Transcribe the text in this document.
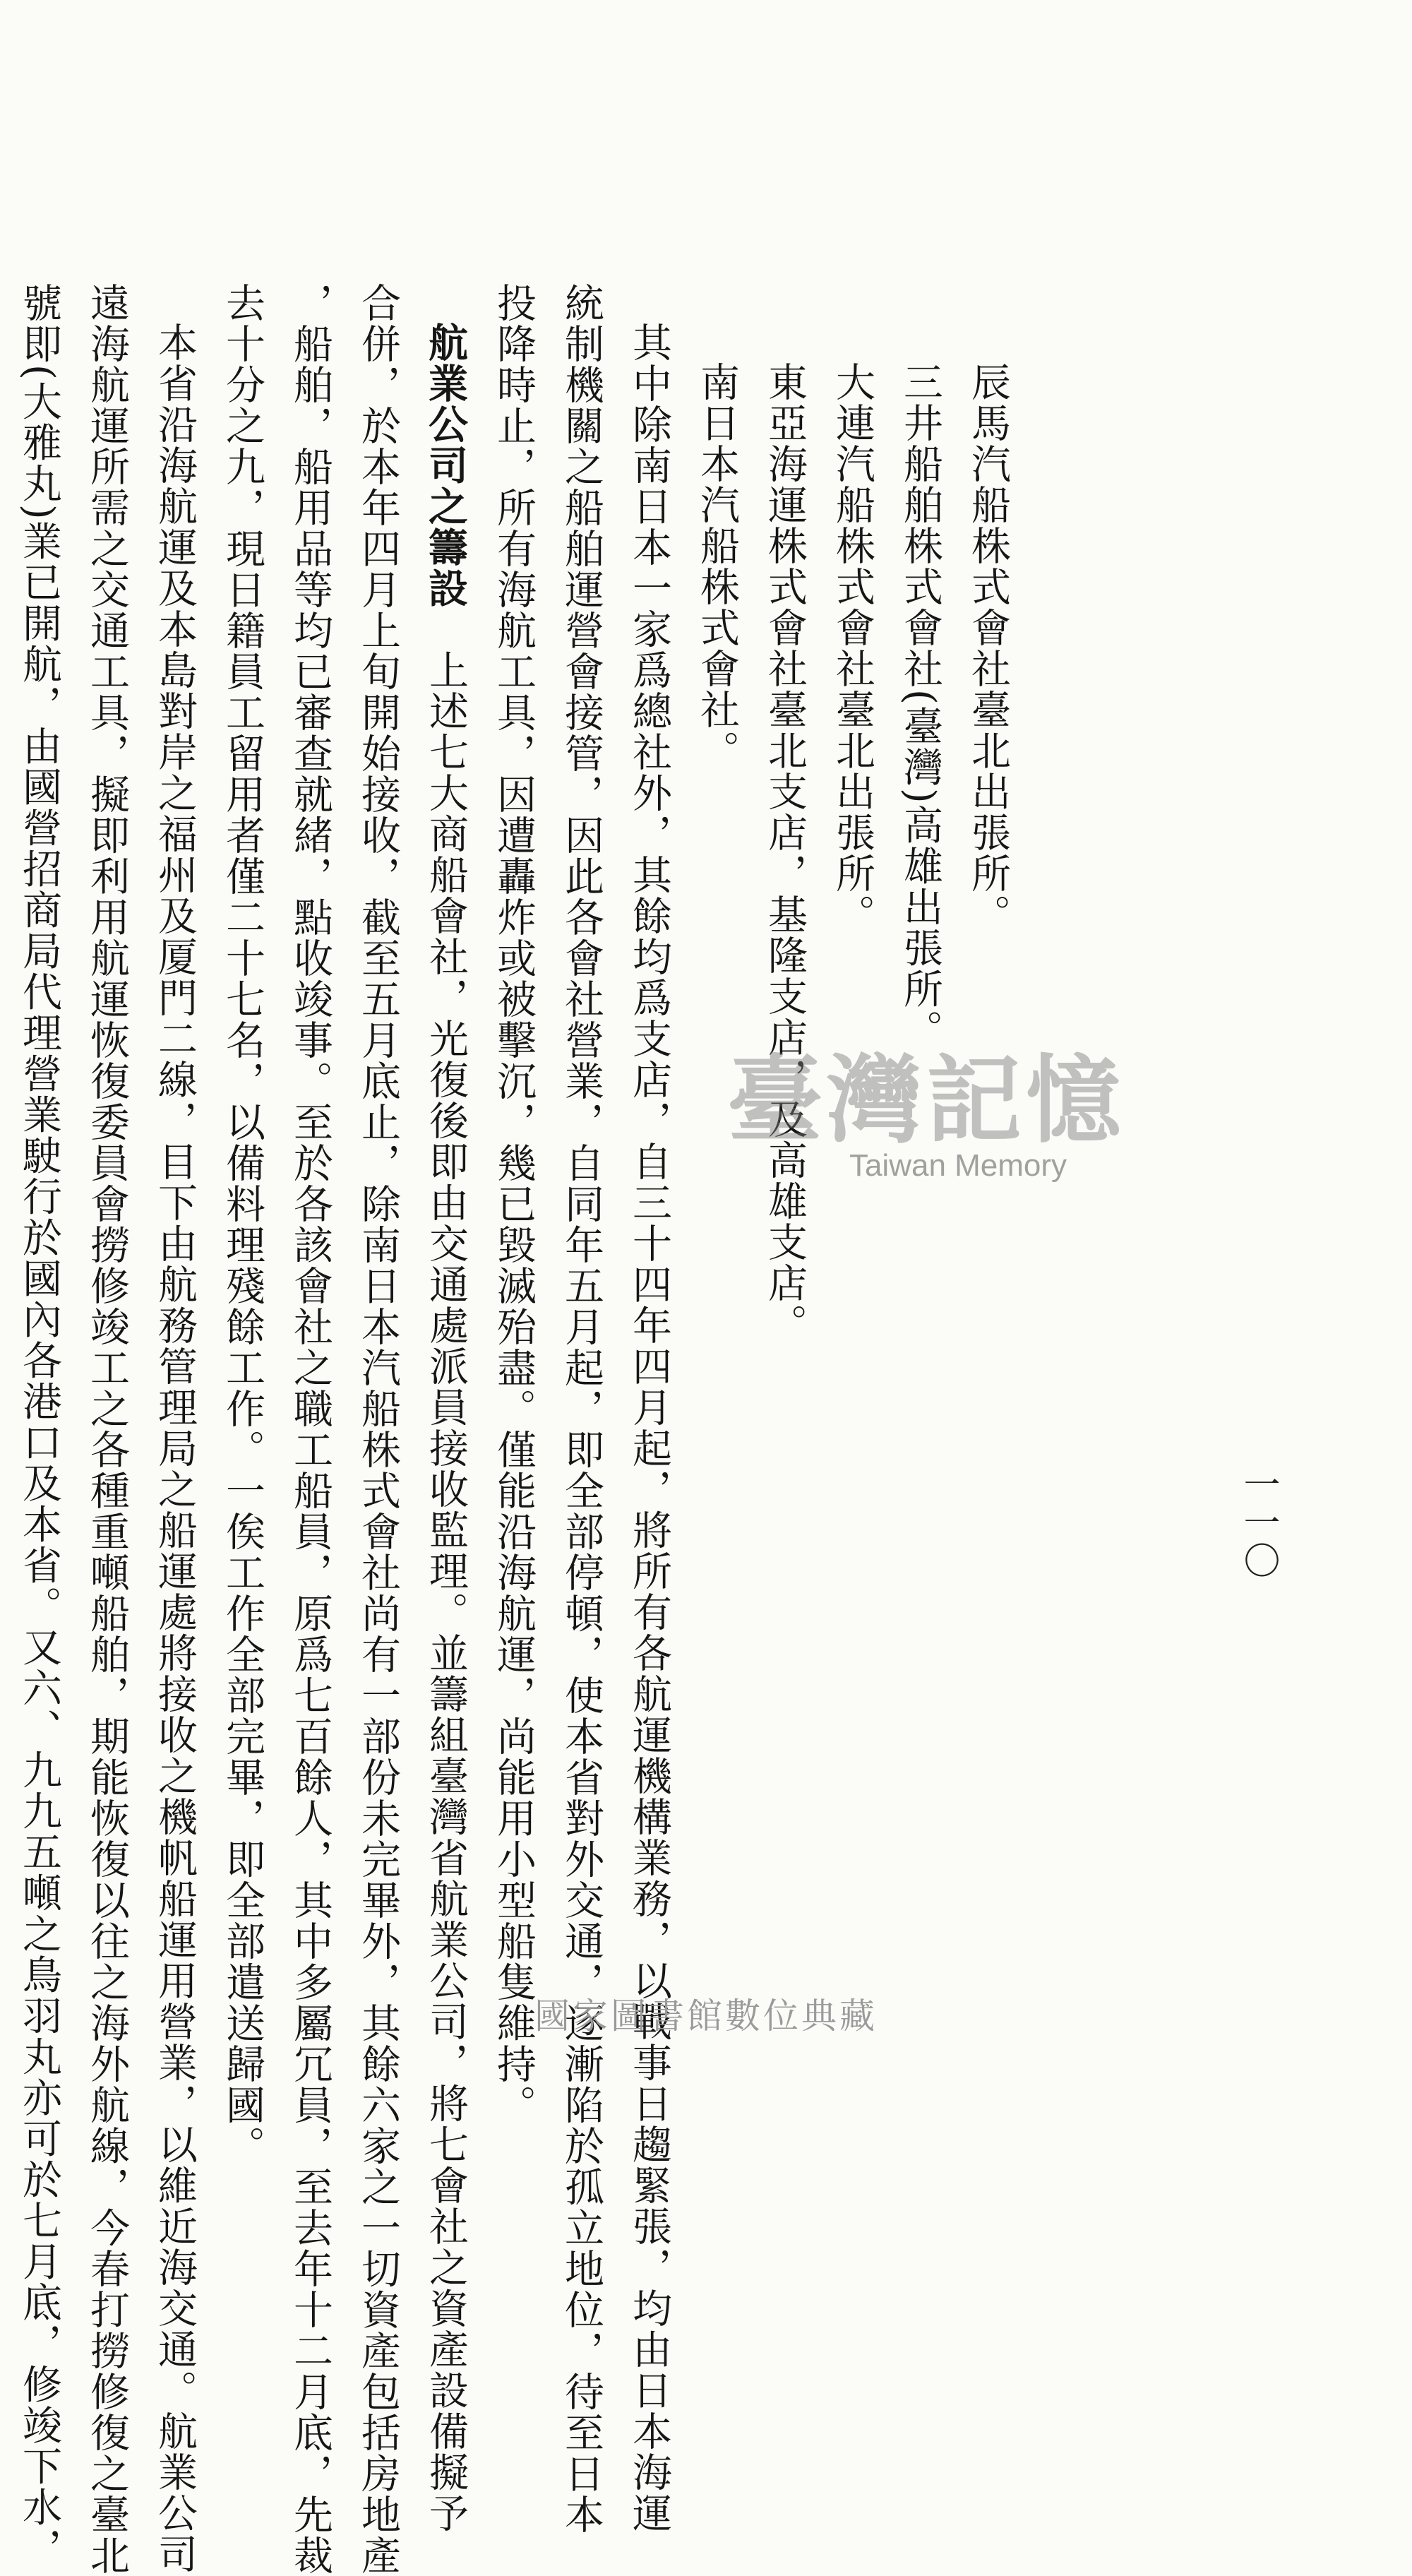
一一〇
辰馬汽船株式會社臺北出張所。
三井船舶株式會社(臺灣)高雄出張所。
大連汽船株式會社臺北出張所。
東亞海運株式會社臺北支店，基隆支店，及高雄支店。
南日本汽船株式會社。
其中除南日本一家爲總社外，其餘均爲支店，自三十四年四月起，將所有各航運機構業務，以戰事日趨緊張，均由日本海運
統制機關之船舶運營會接管，因此各會社營業，自同年五月起，即全部停頓，使本省對外交通，逐漸陷於孤立地位，待至日本
投降時止，所有海航工具，因遭轟炸或被擊沉，幾已毀滅殆盡。僅能沿海航運，尚能用小型船隻維持。
航業公司之籌設　上述七大商船會社，光復後即由交通處派員接收監理。並籌組臺灣省航業公司，將七會社之資產設備擬予
合併，於本年四月上旬開始接收，截至五月底止，除南日本汽船株式會社尚有一部份未完畢外，其餘六家之一切資產包括房地產
，船舶，船用品等均已審查就緒，點收竣事。至於各該會社之職工船員，原爲七百餘人，其中多屬冗員，至去年十二月底，先裁
去十分之九，現日籍員工留用者僅二十七名，以備料理殘餘工作。一俟工作全部完畢，即全部遣送歸國。
本省沿海航運及本島對岸之福州及厦門二線，目下由航務管理局之船運處將接收之機帆船運用營業，以維近海交通。航業公司
遠海航運所需之交通工具，擬即利用航運恢復委員會撈修竣工之各種重噸船舶，期能恢復以往之海外航線，今春打撈修復之臺北
號即(大雅丸)業已開航，由國營招商局代理營業駛行於國內各港口及本省。又六、九九五噸之鳥羽丸亦可於七月底，修竣下水，	臺灣記憶
Taiwan Memory
國家圖書館數位典藏
